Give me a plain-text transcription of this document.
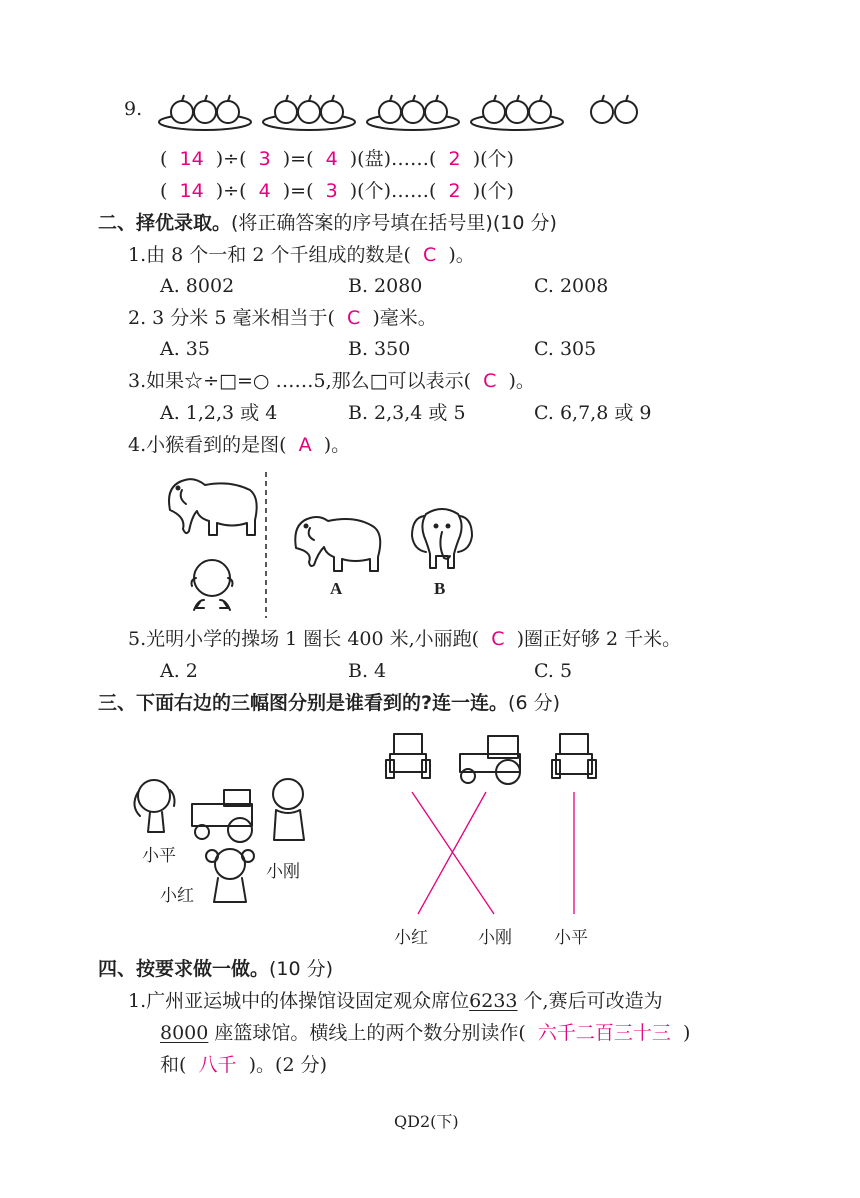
9.
(  14  )÷(  3  )=(  4  )(盘)……(  2  )(个)
(  14  )÷(  4  )=(  3  )(个)……(  2  )(个)
二、择优录取。(将正确答案的序号填在括号里)(10 分)
1.由 8 个一和 2 个千组成的数是( C )。
A. 8002	B. 2080	C. 2008
2. 3 分米 5 毫米相当于( C )毫米。
A. 35	B. 350	C. 305
3.如果☆÷□=○ ……5,那么□可以表示( C )。
A. 1,2,3 或 4	B. 2,3,4 或 5	C. 6,7,8 或 9
4.小猴看到的是图( A )。
A	B
5.光明小学的操场 1 圈长 400 米,小丽跑( C )圈正好够 2 千米。
A. 2	B. 4	C. 5
三、下面右边的三幅图分别是谁看到的?连一连。(6 分)
小平
小红
小刚
小红	小刚 小平
四、按要求做一做。(10 分)
1.广州亚运城中的体操馆设固定观众席位6233 个,赛后可改造为
8000 座篮球馆。横线上的两个数分别读作( 六千二百三十三 )
和( 八千 )。(2 分)
QD2(下)
